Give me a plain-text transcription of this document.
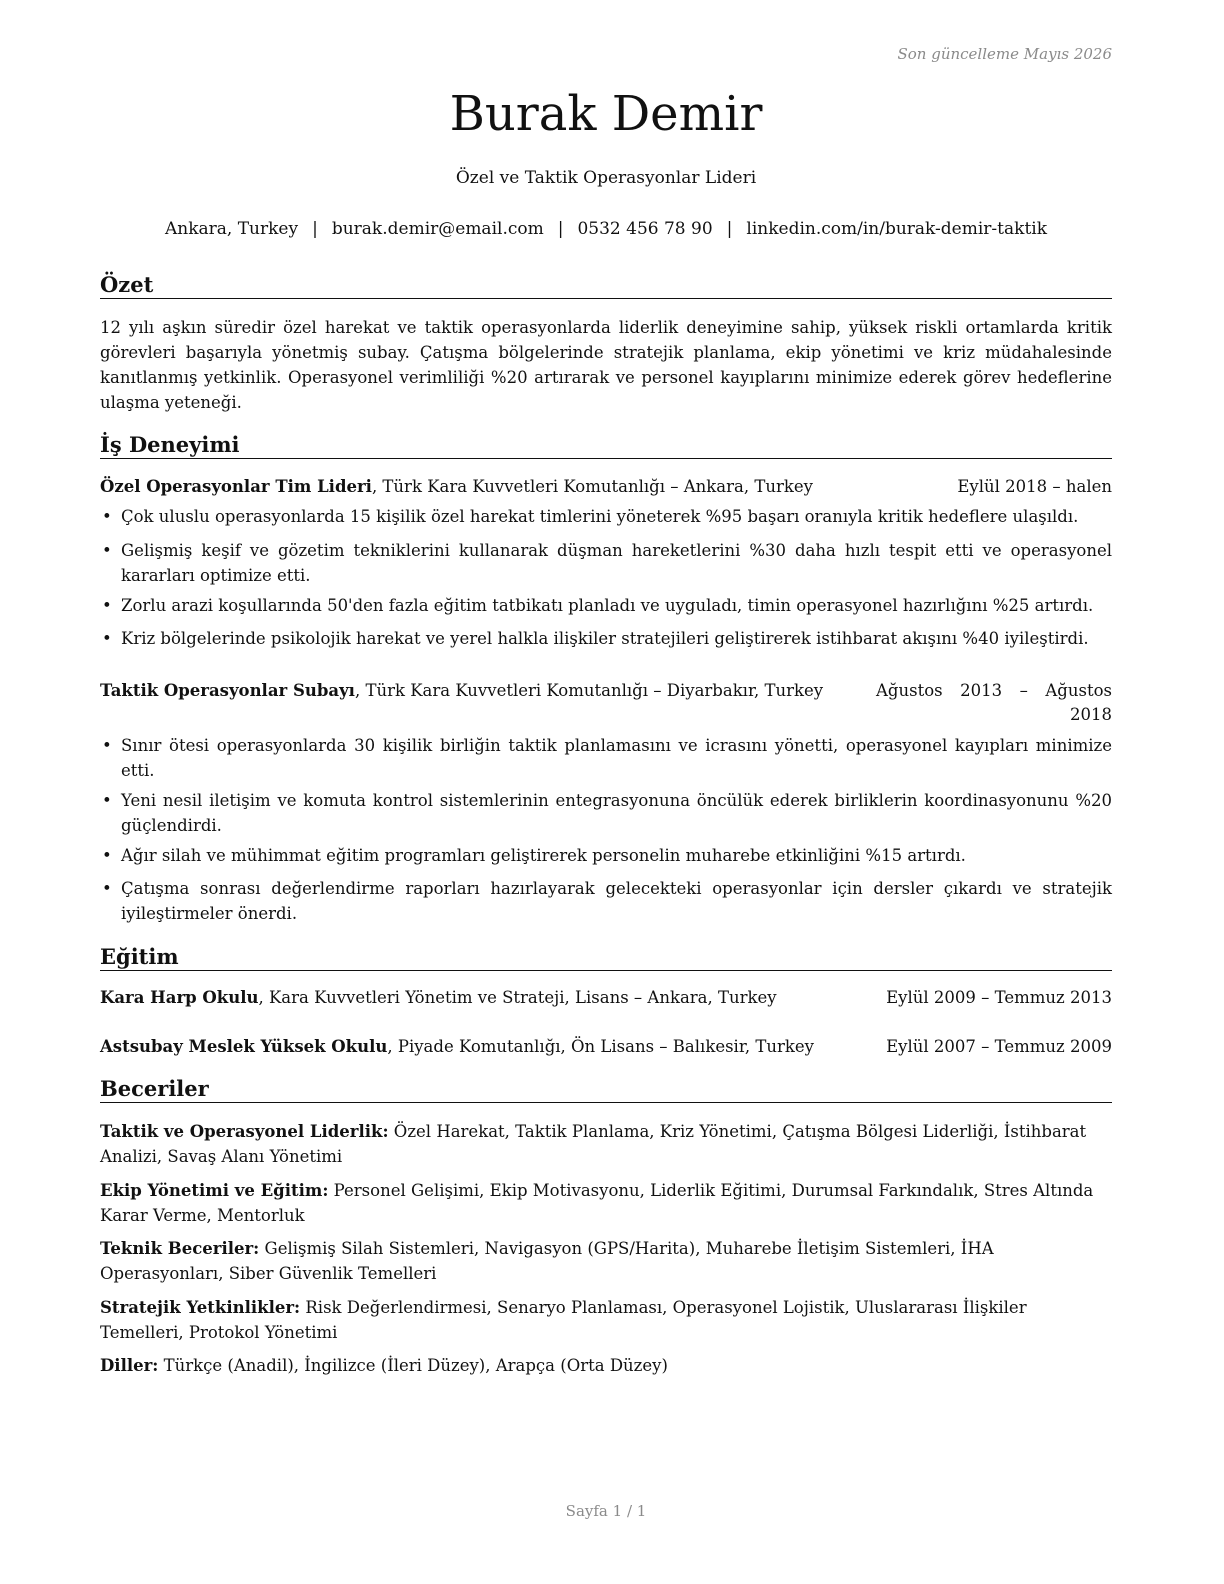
Son güncelleme Mayıs 2026
Burak Demir
Özel ve Taktik Operasyonlar Lideri
Ankara, Turkey | burak.demir@email.com | 0532 456 78 90 | linkedin.com/in/burak-demir-taktik
Özet
12 yılı aşkın süredir özel harekat ve taktik operasyonlarda liderlik deneyimine sahip, yüksek riskli ortamlarda kritik görevleri başarıyla yönetmiş subay. Çatışma bölgelerinde stratejik planlama, ekip yönetimi ve kriz müdahalesinde kanıtlanmış yetkinlik. Operasyonel verimliliği %20 artırarak ve personel kayıplarını minimize ederek görev hedeflerine ulaşma yeteneği.
İş Deneyimi
Özel Operasyonlar Tim Lideri, Türk Kara Kuvvetleri Komutanlığı – Ankara, Turkey	Eylül 2018 – halen
• Çok uluslu operasyonlarda 15 kişilik özel harekat timlerini yöneterek %95 başarı oranıyla kritik hedeflere ulaşıldı.
• Gelişmiş keşif ve gözetim tekniklerini kullanarak düşman hareketlerini %30 daha hızlı tespit etti ve operasyonel kararları optimize etti.
• Zorlu arazi koşullarında 50'den fazla eğitim tatbikatı planladı ve uyguladı, timin operasyonel hazırlığını %25 artırdı.
• Kriz bölgelerinde psikolojik harekat ve yerel halkla ilişkiler stratejileri geliştirerek istihbarat akışını %40 iyileştirdi.
Taktik Operasyonlar Subayı, Türk Kara Kuvvetleri Komutanlığı – Diyarbakır, Turkey	Ağustos 2013 – Ağustos
2018
• Sınır ötesi operasyonlarda 30 kişilik birliğin taktik planlamasını ve icrasını yönetti, operasyonel kayıpları minimize etti.
• Yeni nesil iletişim ve komuta kontrol sistemlerinin entegrasyonuna öncülük ederek birliklerin koordinasyonunu %20 güçlendirdi.
• Ağır silah ve mühimmat eğitim programları geliştirerek personelin muharebe etkinliğini %15 artırdı.
• Çatışma sonrası değerlendirme raporları hazırlayarak gelecekteki operasyonlar için dersler çıkardı ve stratejik iyileştirmeler önerdi.
Eğitim
Kara Harp Okulu, Kara Kuvvetleri Yönetim ve Strateji, Lisans – Ankara, Turkey	Eylül 2009 – Temmuz 2013
Astsubay Meslek Yüksek Okulu, Piyade Komutanlığı, Ön Lisans – Balıkesir, Turkey	Eylül 2007 – Temmuz 2009
Beceriler
Taktik ve Operasyonel Liderlik: Özel Harekat, Taktik Planlama, Kriz Yönetimi, Çatışma Bölgesi Liderliği, İstihbarat Analizi, Savaş Alanı Yönetimi
Ekip Yönetimi ve Eğitim: Personel Gelişimi, Ekip Motivasyonu, Liderlik Eğitimi, Durumsal Farkındalık, Stres Altında Karar Verme, Mentorluk
Teknik Beceriler: Gelişmiş Silah Sistemleri, Navigasyon (GPS/Harita), Muharebe İletişim Sistemleri, İHA Operasyonları, Siber Güvenlik Temelleri
Stratejik Yetkinlikler: Risk Değerlendirmesi, Senaryo Planlaması, Operasyonel Lojistik, Uluslararası İlişkiler Temelleri, Protokol Yönetimi
Diller: Türkçe (Anadil), İngilizce (İleri Düzey), Arapça (Orta Düzey)
Sayfa 1 / 1
